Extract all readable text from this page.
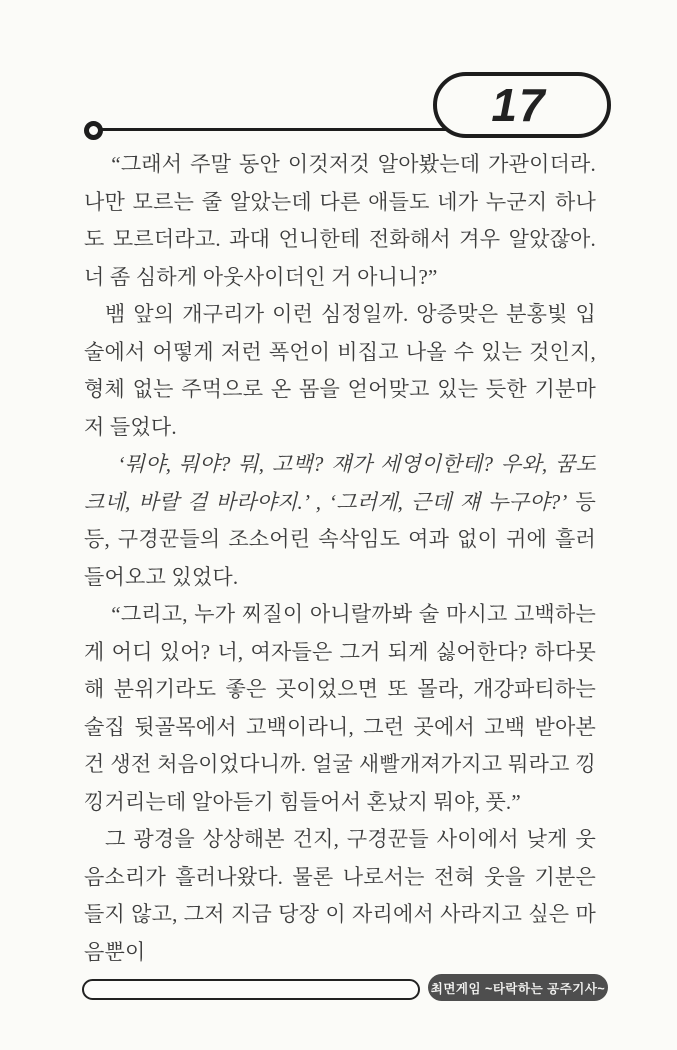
17

“그래서 주말 동안 이것저것 알아봤는데 가관이더라. 나만 모르는 줄 알았는데 다른 애들도 네가 누군지 하나도 모르더라고. 과대 언니한테 전화해서 겨우 알았잖아. 너 좀 심하게 아웃사이더인 거 아니니?”

뱀 앞의 개구리가 이런 심정일까. 앙증맞은 분홍빛 입술에서 어떻게 저런 폭언이 비집고 나올 수 있는 것인지, 형체 없는 주먹으로 온 몸을 얻어맞고 있는 듯한 기분마저 들었다.

‘뭐야, 뭐야? 뭐, 고백? 쟤가 세영이한테? 우와, 꿈도 크네, 바랄 걸 바라야지.’ , ‘그러게, 근데 쟤 누구야?’ 등등, 구경꾼들의 조소어린 속삭임도 여과 없이 귀에 흘러들어오고 있었다.

“그리고, 누가 찌질이 아니랄까봐 술 마시고 고백하는 게 어디 있어? 너, 여자들은 그거 되게 싫어한다? 하다못해 분위기라도 좋은 곳이었으면 또 몰라, 개강파티하는 술집 뒷골목에서 고백이라니, 그런 곳에서 고백 받아본 건 생전 처음이었다니까. 얼굴 새빨개져가지고 뭐라고 낑낑거리는데 알아듣기 힘들어서 혼났지 뭐야, 풋.”

그 광경을 상상해본 건지, 구경꾼들 사이에서 낮게 웃음소리가 흘러나왔다. 물론 나로서는 전혀 웃을 기분은 들지 않고, 그저 지금 당장 이 자리에서 사라지고 싶은 마음뿐이

최면게임 ~타락하는 공주기사~
